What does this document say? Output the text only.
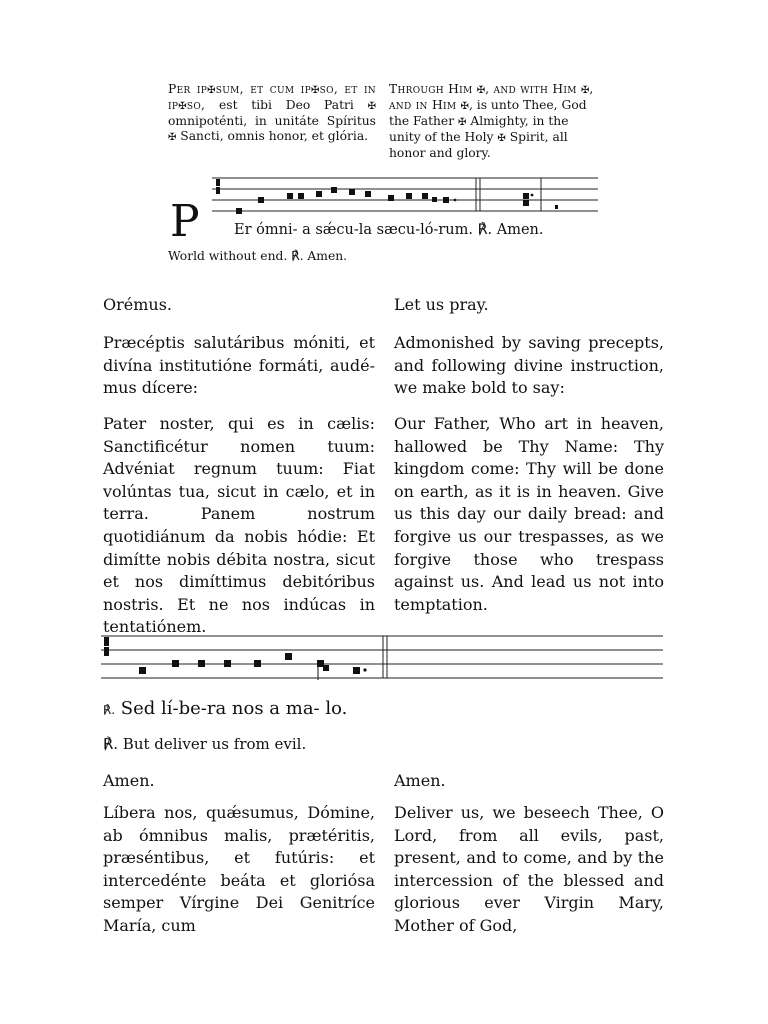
Per ip✠sum, et cum ip✠so, et in ip✠so, est tibi Deo Patri ✠ omnipoténti, in unitáte Spíritus ✠ Sancti, omnis honor, et glória.

Through Him ✠, and with Him ✠, and in Him ✠, is unto Thee, God the Father ✠ Almighty, in the unity of the Holy ✠ Spirit, all honor and glory.

P Er ómni- a sǽcu-la sæcu-ló-rum. ℟. Amen.
World without end. ℟. Amen.
Orémus.	Let us pray.

Præcéptis salutáribus móniti, et divína institutióne formáti, audé- mus dícere:

Admonished by saving precepts, and following divine instruction, we make bold to say:

Pater noster, qui es in cælis: Sanctificétur nomen tuum: Advéniat regnum tuum: Fiat volúntas tua, sicut in cælo, et in terra. Panem nostrum quotidiánum da nobis hódie: Et dimítte nobis débita nostra, sicut et nos dimíttimus debitóribus nostris. Et ne nos indúcas in tentatiónem.

Our Father, Who art in heaven, hallowed be Thy Name: Thy kingdom come: Thy will be done on earth, as it is in heaven. Give us this day our daily bread: and forgive us our trespasses, as we forgive those who trespass against us. And lead us not into temptation.

℟. Sed lí-be-ra nos a ma- lo.
℟. But deliver us from evil.
Amen.	Amen.

Líbera nos, quǽsumus, Dómine, ab ómnibus malis, prætéritis, præséntibus, et futúris: et intercedénte beáta et gloriósa semper Vírgine Dei Genitríce María, cum

Deliver us, we beseech Thee, O Lord, from all evils, past, present, and to come, and by the intercession of the blessed and glorious ever Virgin Mary, Mother of God,
